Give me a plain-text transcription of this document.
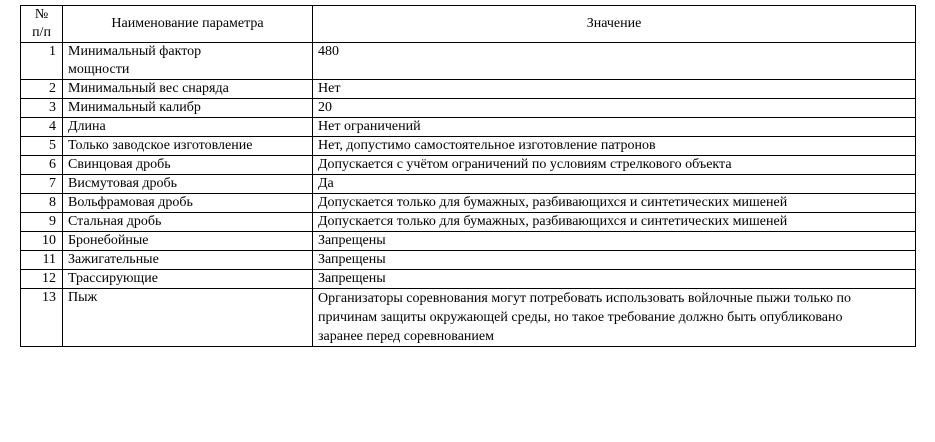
№
п/п	Наименование параметра	Значение
1	Минимальный фактор мощности	480
2	Минимальный вес снаряда	Нет
3	Минимальный калибр	20
4	Длина	Нет ограничений
5	Только заводское изготовление	Нет, допустимо самостоятельное изготовление патронов
6	Свинцовая дробь	Допускается с учётом ограничений по условиям стрелкового объекта
7	Висмутовая дробь	Да
8	Вольфрамовая дробь	Допускается только для бумажных, разбивающихся и синтетических мишеней
9	Стальная дробь	Допускается только для бумажных, разбивающихся и синтетических мишеней
10	Бронебойные	Запрещены
11	Зажигательные	Запрещены
12	Трассирующие	Запрещены
13	Пыж	Организаторы соревнования могут потребовать использовать войлочные пыжи только по причинам защиты окружающей среды, но такое требование должно быть опубликовано заранее перед соревнованием
